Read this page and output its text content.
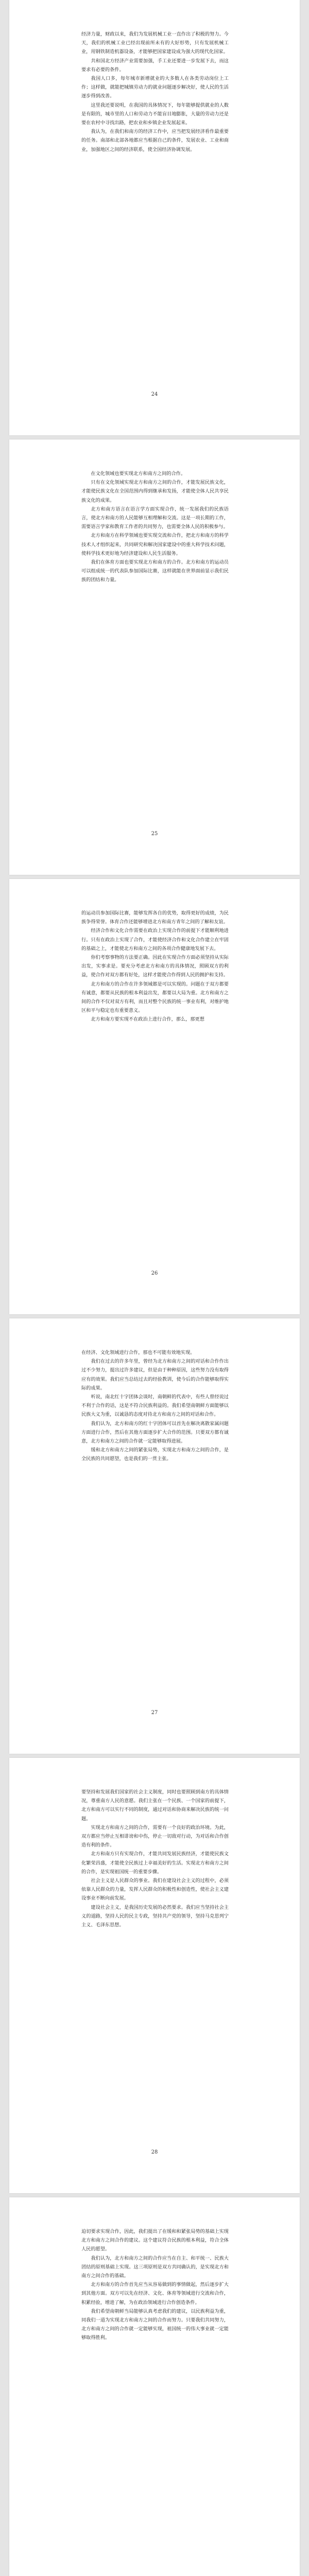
经济力量，财政以来，我们为发展机械工业一直作出了积极的努力。今天，我们的机械工业已经出现前所未有的大好形势，只有发展机械工业，用钢铁制造机器设备，才能够把国家建设成为强大的现代化国家。

共和国北方经济产业需要加强，手工业还要进一步发展下去，而这要求有必要的条件。

我国人口多，每年城市新增就业的大多数人在各类劳动岗位上工作；这样做，就能把城镇劳动力的就业问题逐步解决好，使人民的生活逐步得到改善。

这里我还要说明，在我国的具体情况下，每年能够提供就业的人数是有限的，城市里的人口和劳动力不能盲目地膨胀，大量的劳动力还是要在农村中寻找出路，把农业和乡镇企业发展起来。

我认为，在我们和南方的经济工作中，应当把发展经济看作最重要的任务。南部和北部各地都应当根据自己的条件，发展农业、工业和商业，加强地区之间的经济联系，使全国经济协调发展。

24

在文化领域也要实现北方和南方之间的合作。

只有在文化领域实现北方和南方之间的合作，才能发展民族文化，才能使民族文化在全国范围内得到继承和发扬，才能使全体人民共享民族文化的成果。

北方和南方语言在语言学方面实现合作，统一发展我们的民族语言，使北方和南方的人民能够互相理解和交流。这是一项长期的工作，需要语言学家和教育工作者的共同努力，也需要全体人民的积极参与。

北方和南方在科学领域也要实现交流和合作，把北方和南方的科学技术人才组织起来，共同研究和解决国家建设中的重大科学技术问题，使科学技术更好地为经济建设和人民生活服务。

我们在体育方面也要实现北方和南方的合作。北方和南方的运动员可以组成统一的代表队参加国际比赛，这样就能在世界面前显示我们民族的团结和力量。

25

的运动员参加国际比赛，能够发挥各自的优势，取得更好的成绩，为民族争得荣誉。体育合作还能够增进北方和南方青年之间的了解和友谊。

经济合作和文化合作需要在政治上实现合作的前提下才能顺利地进行。只有在政治上实现了合作，才能使经济合作和文化合作建立在牢固的基础之上，才能使北方和南方之间的各项合作健康地发展下去。

你们考察事物的方法要正确。因此在实现合作方面必须坚持从实际出发，实事求是。要充分考虑北方和南方的具体情况，照顾双方的利益，使合作对双方都有好处，这样才能使合作得到人民的拥护和支持。

北方和南方的合作在许多领域都是可以实现的。问题在于双方都要有诚意，都要从民族的根本利益出发，都要以大局为重。北方和南方之间的合作不仅对双方有利，而且对整个民族的统一事业有利，对维护地区和平与稳定也有重要意义。

北方和南方要实现不在政治上进行合作，那么，那更想

26

在经济、文化领域进行合作，那也不可能有效地实现。

我们在过去的许多年里，曾经为北方和南方之间的对话和合作作出过不少努力，提出过许多建议，但是由于种种原因，这些努力没有取得应有的效果。我们应当总结过去的经验教训，使今后的合作能够取得实际的成果。

听说，南北红十字团体会谈时，南朝鲜的代表中，有些人曾经说过不利于合作的话，这是不符合民族利益的。我们希望南朝鲜方面能够以民族大义为重，以诚恳的态度对待北方和南方之间的对话和合作。

我们认为，北方和南方的红十字团体可以首先在解决离散家属问题方面进行合作，然后在其他方面逐步扩大合作的范围。只要双方都有诚意，北方和南方之间的合作就一定能够取得进展。

缓和北方和南方之间的紧张局势，实现北方和南方之间的合作，是全民族的共同愿望，也是我们的一贯主张。

27

要坚持和发展我们国家的社会主义制度，同时也要照顾到南方的具体情况，尊重南方人民的意愿。我们主张在一个民族、一个国家的前提下，北方和南方可以实行不同的制度，通过对话和协商来解决民族的统一问题。

实现北方和南方之间的合作，需要有一个良好的政治环境。为此，双方都应当停止互相诽谤和中伤，停止一切敌对行动，为对话和合作创造有利的条件。

北方和南方只有实现合作，才能共同发展民族经济，才能使民族文化繁荣昌盛，才能使全民族过上幸福美好的生活。实现北方和南方之间的合作，是实现祖国统一的重要步骤。

社会主义是人民群众的事业。我们在建设社会主义的过程中，必须依靠人民群众的力量，发挥人民群众的积极性和创造性，使社会主义建设事业不断向前发展。

建设社会主义，是我国历史发展的必然要求。我们应当坚持社会主义的道路，坚持人民的民主专政，坚持共产党的领导，坚持马克思列宁主义、毛泽东思想。

28

迫切要求实现合作，因此，我们提出了在缓和和紧张局势的基础上实现北方和南方之间合作的建议。这个建议符合民族的根本利益，符合全体人民的愿望。

我们认为，北方和南方之间的合作应当在自主、和平统一、民族大团结的原则基础上实现。这三项原则是双方共同确认的，是实现北方和南方之间合作的基础。

北方和南方的合作首先应当从容易做到的事情做起，然后逐步扩大到其他方面。双方可以先在经济、文化、体育等领域进行交流和合作，积累经验，增进了解，为在政治领域进行合作创造条件。

我们希望南朝鲜当局能够认真考虑我们的建议，以民族利益为重，同我们一道为实现北方和南方之间的合作而努力。只要我们共同努力，北方和南方之间的合作就一定能够实现，祖国统一的伟大事业就一定能够取得胜利。
